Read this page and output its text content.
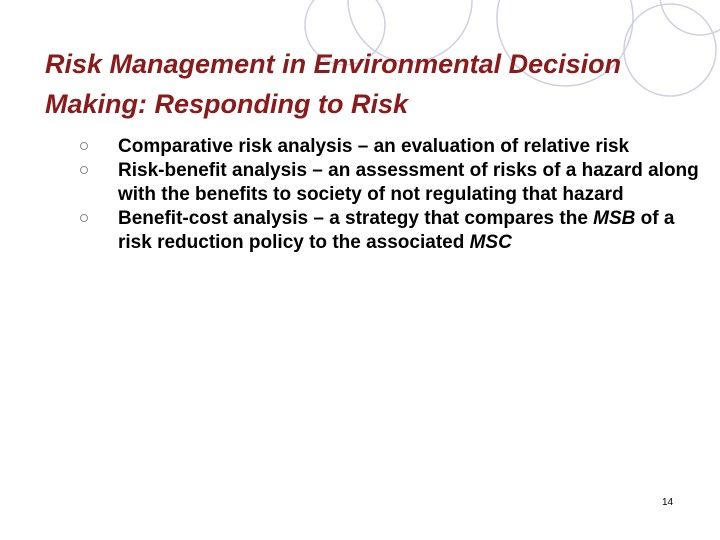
Risk Management in Environmental Decision Making: Responding to Risk
Comparative risk analysis – an evaluation of relative risk
Risk-benefit analysis – an assessment of risks of a hazard along with the benefits to society of not regulating that hazard
Benefit-cost analysis – a strategy that compares the MSB of a risk reduction policy to the associated MSC
14
